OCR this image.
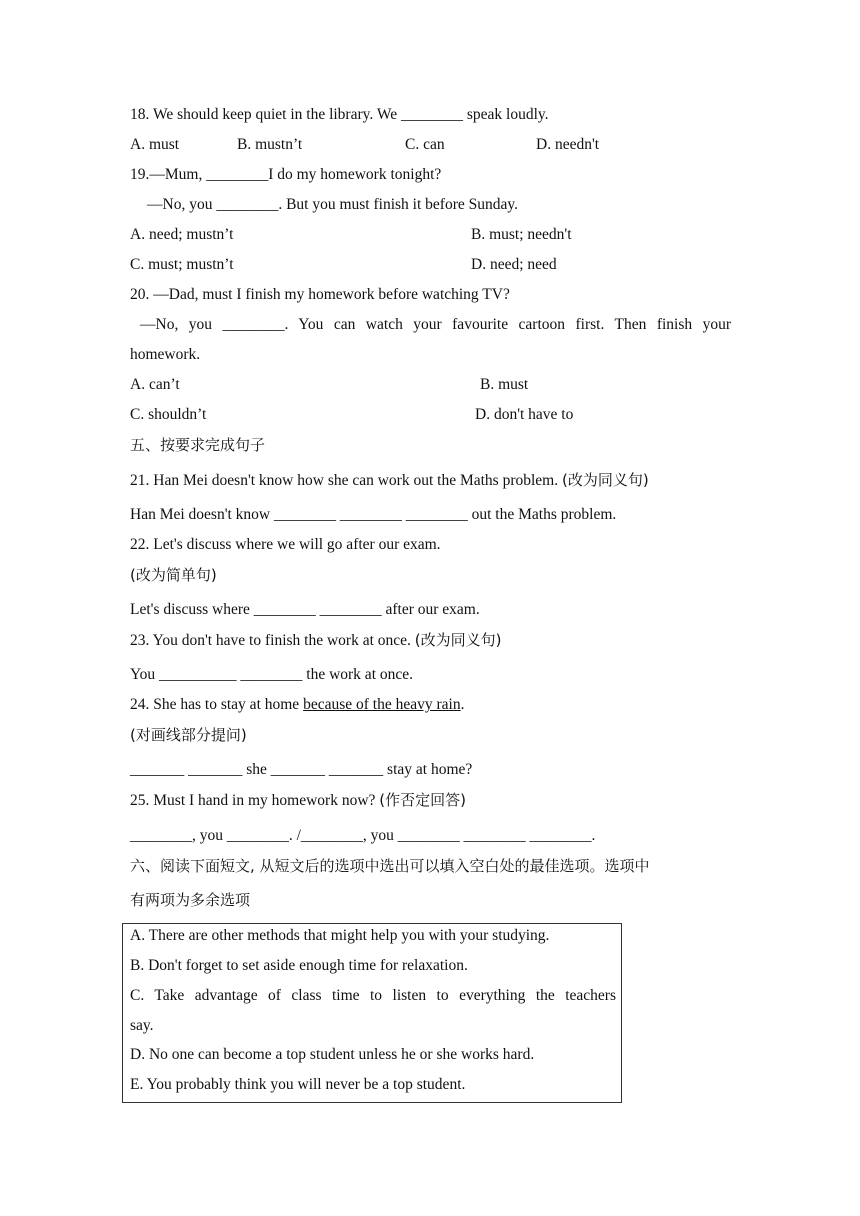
18. We should keep quiet in the library. We ________ speak loudly.
A. must	B. mustn’t	C. can	D. needn't
19.—Mum, ________I do my homework tonight?
—No, you ________. But you must finish it before Sunday.
A. need; mustn’t	B. must; needn't
C. must; mustn’t	D. need; need
20. —Dad, must I finish my homework before watching TV?
—No, you ________. You can watch your favourite cartoon first. Then finish your
homework.
A. can’t	B. must
C. shouldn’t	D. don't have to
五、按要求完成句子
21. Han Mei doesn't know how she can work out the Maths problem. (改为同义句)
Han Mei doesn't know ________ ________ ________ out the Maths problem.
22. Let's discuss where we will go after our exam.
(改为简单句)
Let's discuss where ________ ________ after our exam.
23. You don't have to finish the work at once. (改为同义句)
You __________ ________ the work at once.
24. She has to stay at home because of the heavy rain.
(对画线部分提问)
_______ _______ she _______ _______ stay at home?
25. Must I hand in my homework now? (作否定回答)
________, you ________. /________, you ________ ________ ________.
六、阅读下面短文, 从短文后的选项中选出可以填入空白处的最佳选项。选项中
有两项为多余选项
A. There are other methods that might help you with your studying.
B. Don't forget to set aside enough time for relaxation.
C. Take advantage of class time to listen to everything the teachers
say.
D. No one can become a top student unless he or she works hard.
E. You probably think you will never be a top student.
